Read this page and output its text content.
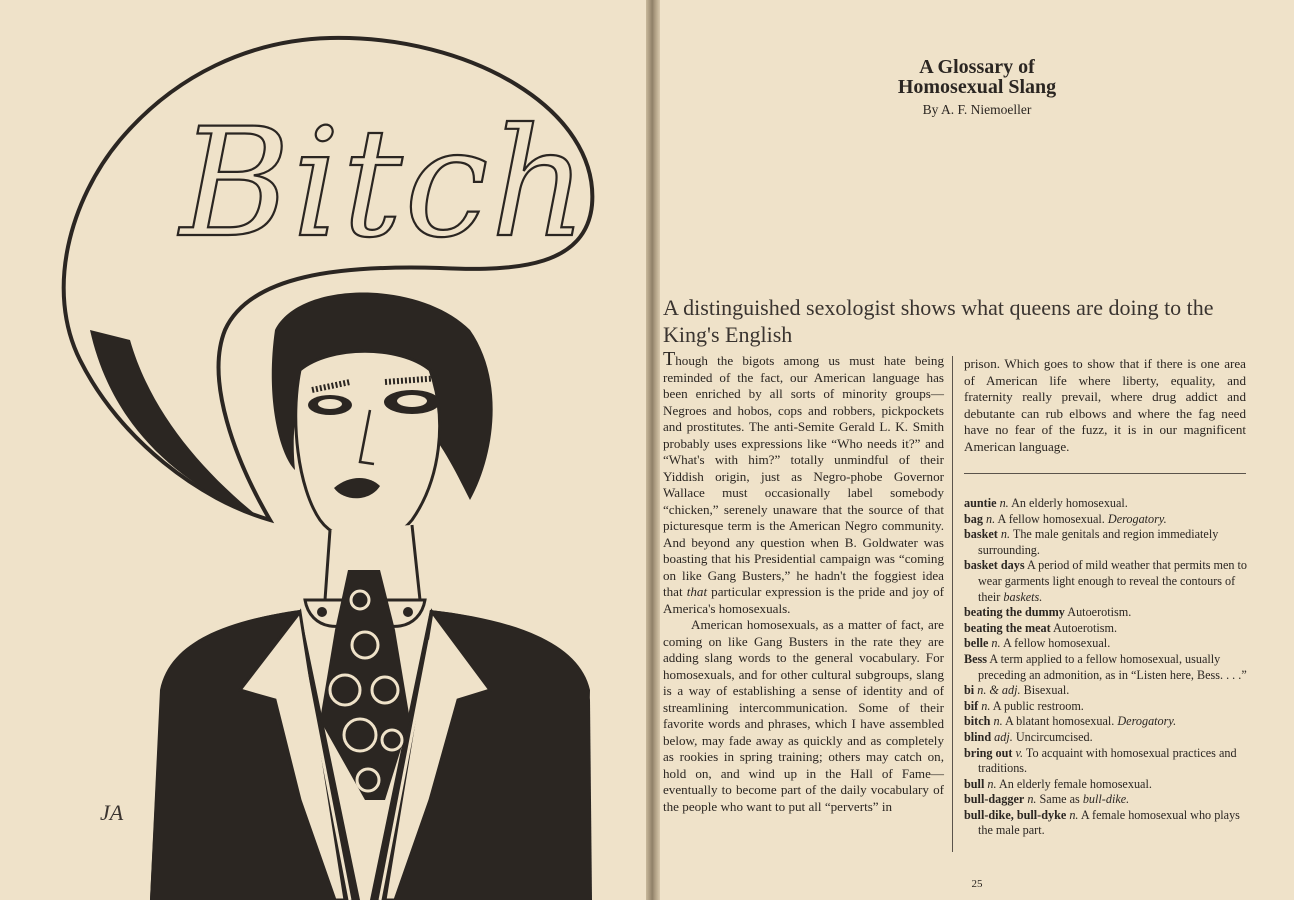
Bitch
JA
A Glossary of
Homosexual Slang
By A. F. Niemoeller
A distinguished sexologist shows what queens are doing to the King's English

Though the bigots among us must hate being reminded of the fact, our American language has been enriched by all sorts of minority groups—Negroes and hobos, cops and robbers, pickpockets and prostitutes. The anti-Semite Gerald L. K. Smith probably uses expressions like “Who needs it?” and “What's with him?” totally unmindful of their Yiddish origin, just as Negro-phobe Governor Wallace must occasionally label somebody “chicken,” serenely unaware that the source of that picturesque term is the American Negro community. And beyond any question when B. Goldwater was boasting that his Presidential campaign was “coming on like Gang Busters,” he hadn't the foggiest idea that that particular expression is the pride and joy of America's homosexuals.

American homosexuals, as a matter of fact, are coming on like Gang Busters in the rate they are adding slang words to the general vocabulary. For homosexuals, and for other cultural subgroups, slang is a way of establishing a sense of identity and of streamlining intercommunication. Some of their favorite words and phrases, which I have assembled below, may fade away as quickly and as completely as rookies in spring training; others may catch on, hold on, and wind up in the Hall of Fame—eventually to become part of the daily vocabulary of the people who want to put all “perverts” in

prison. Which goes to show that if there is one area of American life where liberty, equality, and fraternity really prevail, where drug addict and debutante can rub elbows and where the fag need have no fear of the fuzz, it is in our magnificent American language.

auntie n. An elderly homosexual.
bag n. A fellow homosexual. Derogatory.
basket n. The male genitals and region immediately surrounding.
basket days A period of mild weather that permits men to wear garments light enough to reveal the contours of their baskets.
beating the dummy Autoerotism.
beating the meat Autoerotism.
belle n. A fellow homosexual.
Bess A term applied to a fellow homosexual, usually preceding an admonition, as in “Listen here, Bess. . . .”
bi n. & adj. Bisexual.
bif n. A public restroom.
bitch n. A blatant homosexual. Derogatory.
blind adj. Uncircumcised.
bring out v. To acquaint with homosexual practices and traditions.
bull n. An elderly female homosexual.
bull-dagger n. Same as bull-dike.
bull-dike, bull-dyke n. A female homosexual who plays the male part.
25
